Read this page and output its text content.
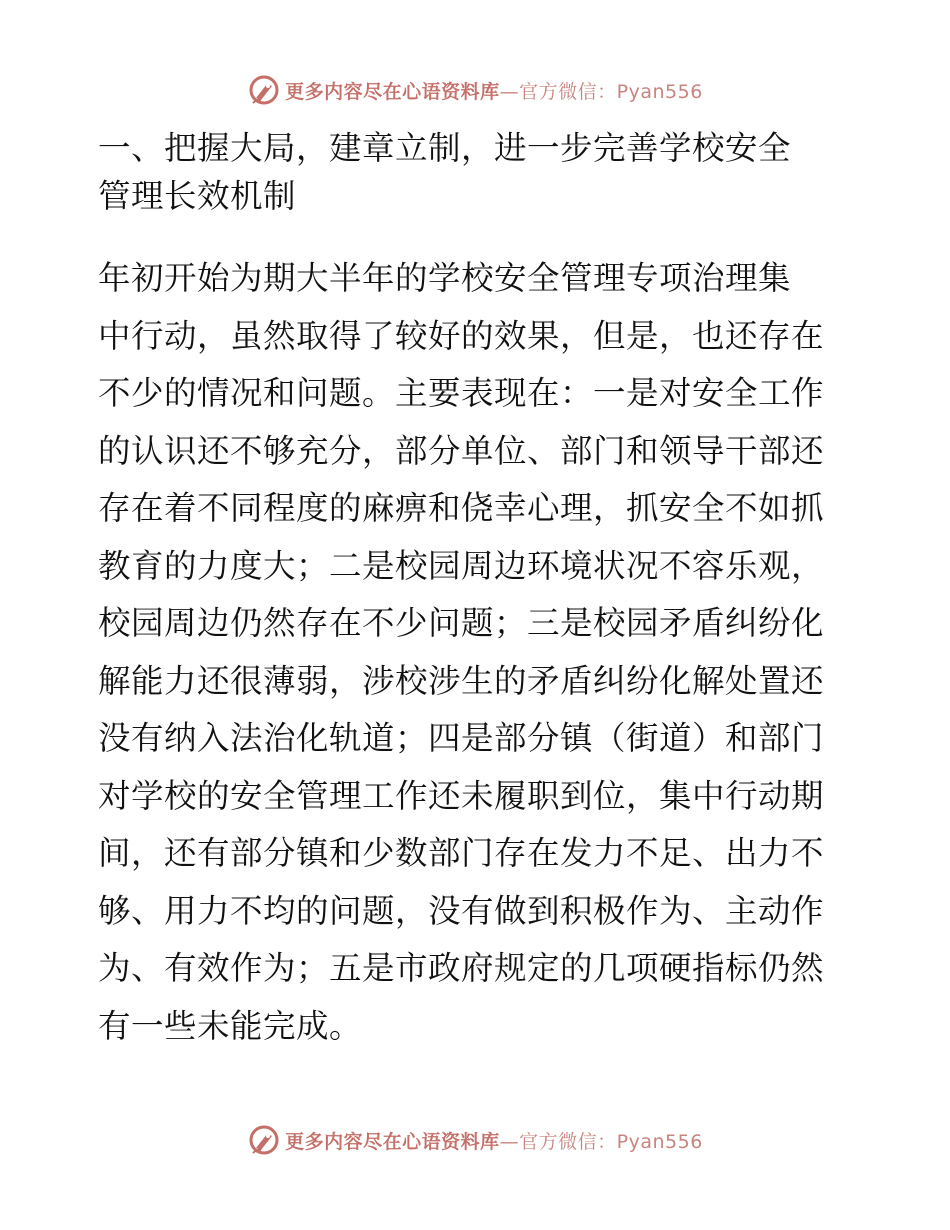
更多内容尽在心语资料库—官方微信：Pyan556

一、把握大局，建章立制，进一步完善学校安全

管理长效机制

年初开始为期大半年的学校安全管理专项治理集

中行动，虽然取得了较好的效果，但是，也还存在

不少的情况和问题。主要表现在：一是对安全工作

的认识还不够充分，部分单位、部门和领导干部还

存在着不同程度的麻痹和侥幸心理，抓安全不如抓

教育的力度大；二是校园周边环境状况不容乐观，

校园周边仍然存在不少问题；三是校园矛盾纠纷化

解能力还很薄弱，涉校涉生的矛盾纠纷化解处置还

没有纳入法治化轨道；四是部分镇（街道）和部门

对学校的安全管理工作还未履职到位，集中行动期

间，还有部分镇和少数部门存在发力不足、出力不

够、用力不均的问题，没有做到积极作为、主动作

为、有效作为；五是市政府规定的几项硬指标仍然

有一些未能完成。

更多内容尽在心语资料库—官方微信：Pyan556
